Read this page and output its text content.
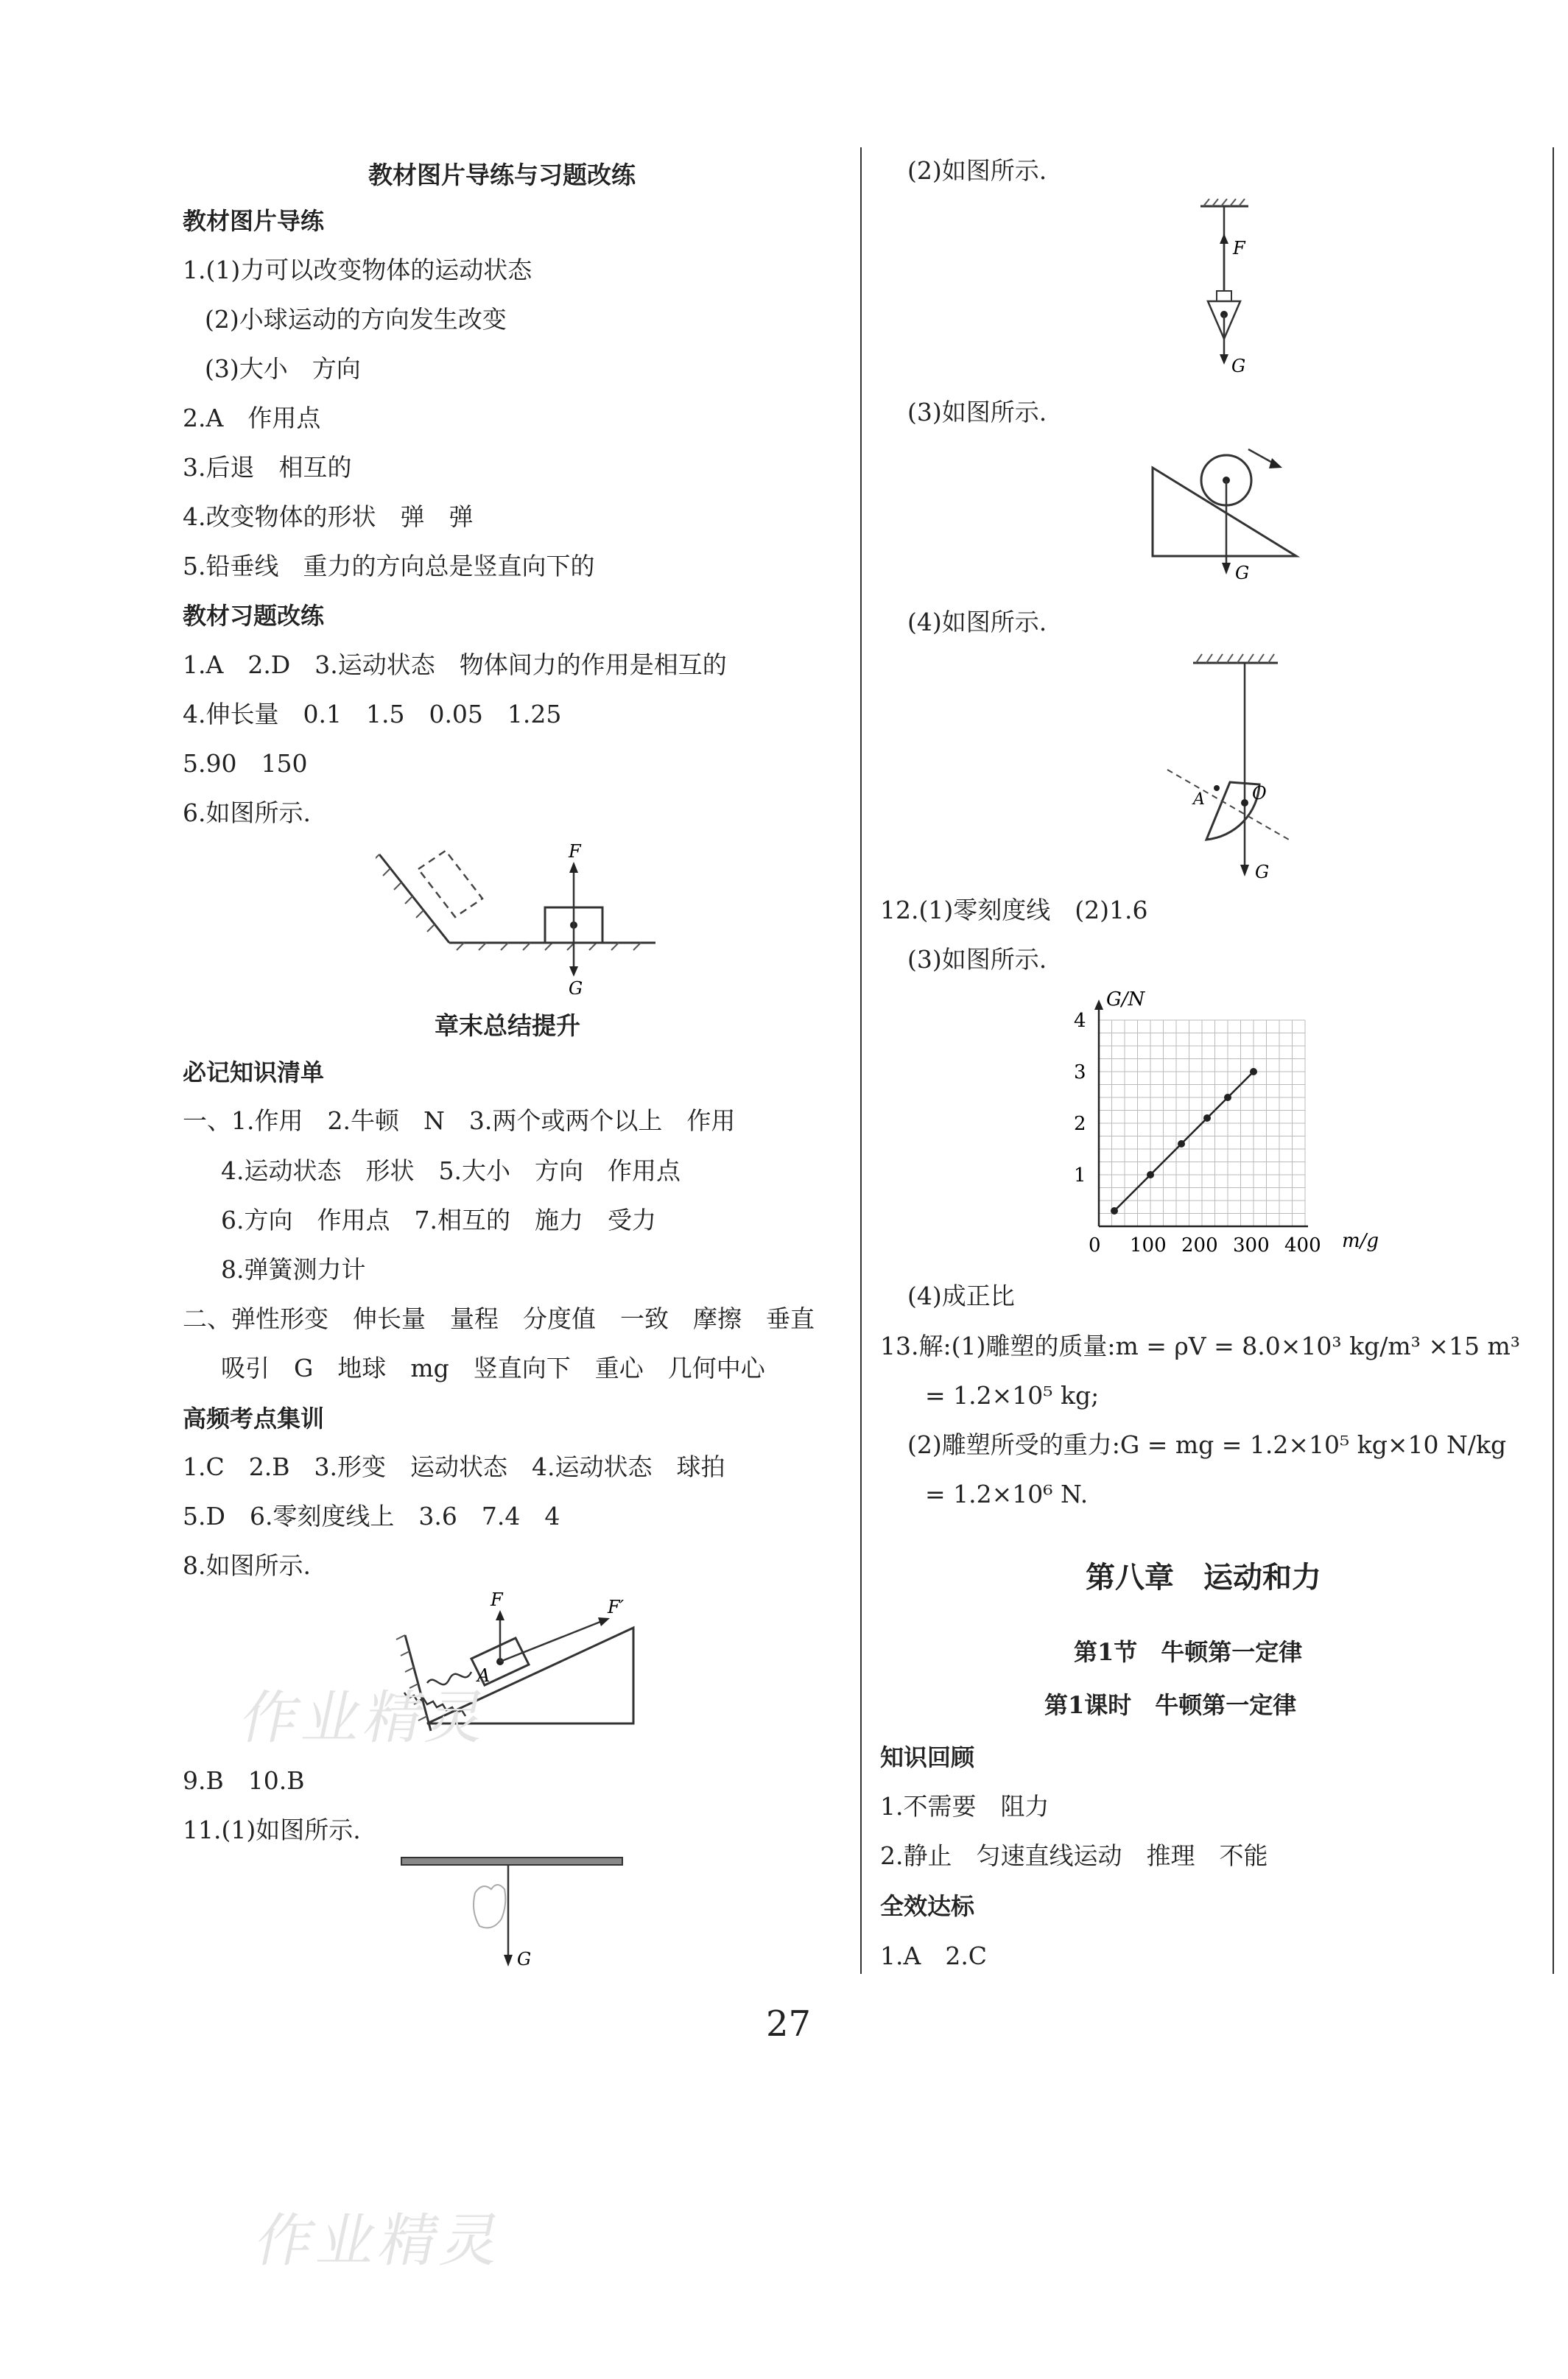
教材图片导练与习题改练
教材图片导练
1.(1)力可以改变物体的运动状态
(2)小球运动的方向发生改变
(3)大小　方向
2.A　作用点
3.后退　相互的
4.改变物体的形状　弹　弹
5.铅垂线　重力的方向总是竖直向下的
教材习题改练
1.A　2.D　3.运动状态　物体间力的作用是相互的
4.伸长量　0.1　1.5　0.05　1.25
5.90　150
6.如图所示.
F
G
章末总结提升
必记知识清单
一、1.作用　2.牛顿　N　3.两个或两个以上　作用
4.运动状态　形状　5.大小　方向　作用点
6.方向　作用点　7.相互的　施力　受力
8.弹簧测力计
二、弹性形变　伸长量　量程　分度值　一致　摩擦　垂直
吸引　G　地球　mg　竖直向下　重心　几何中心
高频考点集训
1.C　2.B　3.形变　运动状态　4.运动状态　球拍
5.D　6.零刻度线上　3.6　7.4　4
8.如图所示.
F	F′
A
作业精灵
9.B　10.B
11.(1)如图所示.
G
(2)如图所示.
F
G
(3)如图所示.
G
(4)如图所示.
A	O
G
12.(1)零刻度线　(2)1.6
(3)如图所示.
0 100 200 300 400
1
2
3
4
G/N
m/g
(4)成正比
13.解:(1)雕塑的质量:m = ρV = 8.0×10³ kg/m³ ×15 m³
= 1.2×10⁵ kg;
(2)雕塑所受的重力:G = mg = 1.2×10⁵ kg×10 N/kg
= 1.2×10⁶ N.
第八章　运动和力
第1节　牛顿第一定律
第1课时　牛顿第一定律
知识回顾
1.不需要　阻力
2.静止　匀速直线运动　推理　不能
全效达标
1.A　2.C
27
作业精灵
